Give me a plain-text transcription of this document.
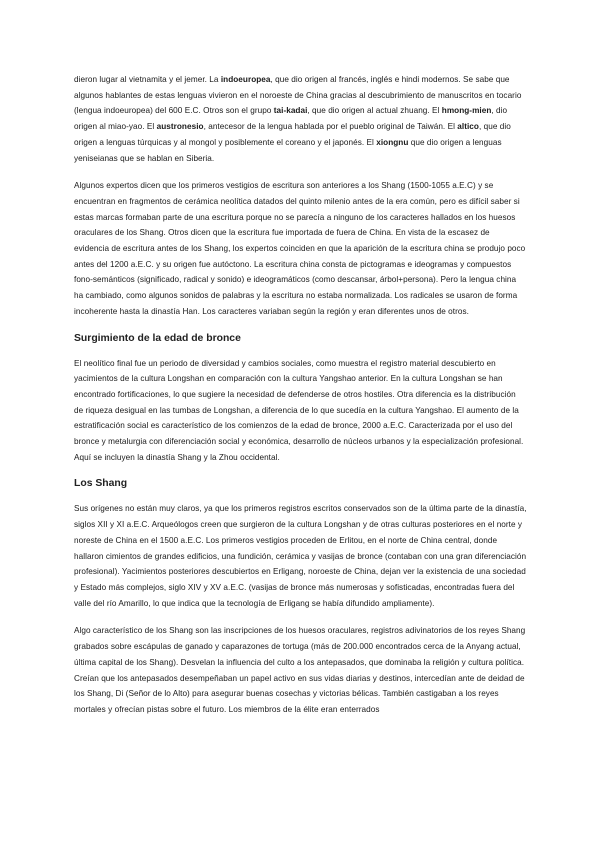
dieron lugar al vietnamita y el jemer. La indoeuropea, que dio origen al francés, inglés e hindi modernos. Se sabe que algunos hablantes de estas lenguas vivieron en el noroeste de China gracias al descubrimiento de manuscritos en tocario (lengua indoeuropea) del 600 E.C. Otros son el grupo tai-kadai, que dio origen al actual zhuang. El hmong-mien, dio origen al miao-yao. El austronesio, antecesor de la lengua hablada por el pueblo original de Taiwán. El altico, que dio origen a lenguas túrquicas y al mongol y posiblemente el coreano y el japonés. El xiongnu que dio origen a lenguas yeniseianas que se hablan en Siberia.

Algunos expertos dicen que los primeros vestigios de escritura son anteriores a los Shang (1500-1055 a.E.C) y se encuentran en fragmentos de cerámica neolítica datados del quinto milenio antes de la era común, pero es difícil saber si estas marcas formaban parte de una escritura porque no se parecía a ninguno de los caracteres hallados en los huesos oraculares de los Shang. Otros dicen que la escritura fue importada de fuera de China. En vista de la escasez de evidencia de escritura antes de los Shang, los expertos coinciden en que la aparición de la escritura china se produjo poco antes del 1200 a.E.C. y su origen fue autóctono. La escritura china consta de pictogramas e ideogramas y compuestos fono-semánticos (significado, radical y sonido) e ideogramáticos (como descansar, árbol+persona). Pero la lengua china ha cambiado, como algunos sonidos de palabras y la escritura no estaba normalizada. Los radicales se usaron de forma incoherente hasta la dinastía Han. Los caracteres variaban según la región y eran diferentes unos de otros.

Surgimiento de la edad de bronce

El neolítico final fue un periodo de diversidad y cambios sociales, como muestra el registro material descubierto en yacimientos de la cultura Longshan en comparación con la cultura Yangshao anterior. En la cultura Longshan se han encontrado fortificaciones, lo que sugiere la necesidad de defenderse de otros hostiles. Otra diferencia es la distribución de riqueza desigual en las tumbas de Longshan, a diferencia de lo que sucedía en la cultura Yangshao. El aumento de la estratificación social es característico de los comienzos de la edad de bronce, 2000 a.E.C. Caracterizada por el uso del bronce y metalurgia con diferenciación social y económica, desarrollo de núcleos urbanos y la especialización profesional. Aquí se incluyen la dinastía Shang y la Zhou occidental.

Los Shang

Sus orígenes no están muy claros, ya que los primeros registros escritos conservados son de la última parte de la dinastía, siglos XII y XI a.E.C. Arqueólogos creen que surgieron de la cultura Longshan y de otras culturas posteriores en el norte y noreste de China en el 1500 a.E.C. Los primeros vestigios proceden de Erlitou, en el norte de China central, donde hallaron cimientos de grandes edificios, una fundición, cerámica y vasijas de bronce (contaban con una gran diferenciación profesional). Yacimientos posteriores descubiertos en Erligang, noroeste de China, dejan ver la existencia de una sociedad y Estado más complejos, siglo XIV y XV a.E.C. (vasijas de bronce más numerosas y sofisticadas, encontradas fuera del valle del río Amarillo, lo que indica que la tecnología de Erligang se había difundido ampliamente).

Algo característico de los Shang son las inscripciones de los huesos oraculares, registros adivinatorios de los reyes Shang grabados sobre escápulas de ganado y caparazones de tortuga (más de 200.000 encontrados cerca de la Anyang actual, última capital de los Shang). Desvelan la influencia del culto a los antepasados, que dominaba la religión y cultura política. Creían que los antepasados desempeñaban un papel activo en sus vidas diarias y destinos, intercedían ante de deidad de los Shang, Di (Señor de lo Alto) para asegurar buenas cosechas y victorias bélicas. También castigaban a los reyes mortales y ofrecían pistas sobre el futuro. Los miembros de la élite eran enterrados
